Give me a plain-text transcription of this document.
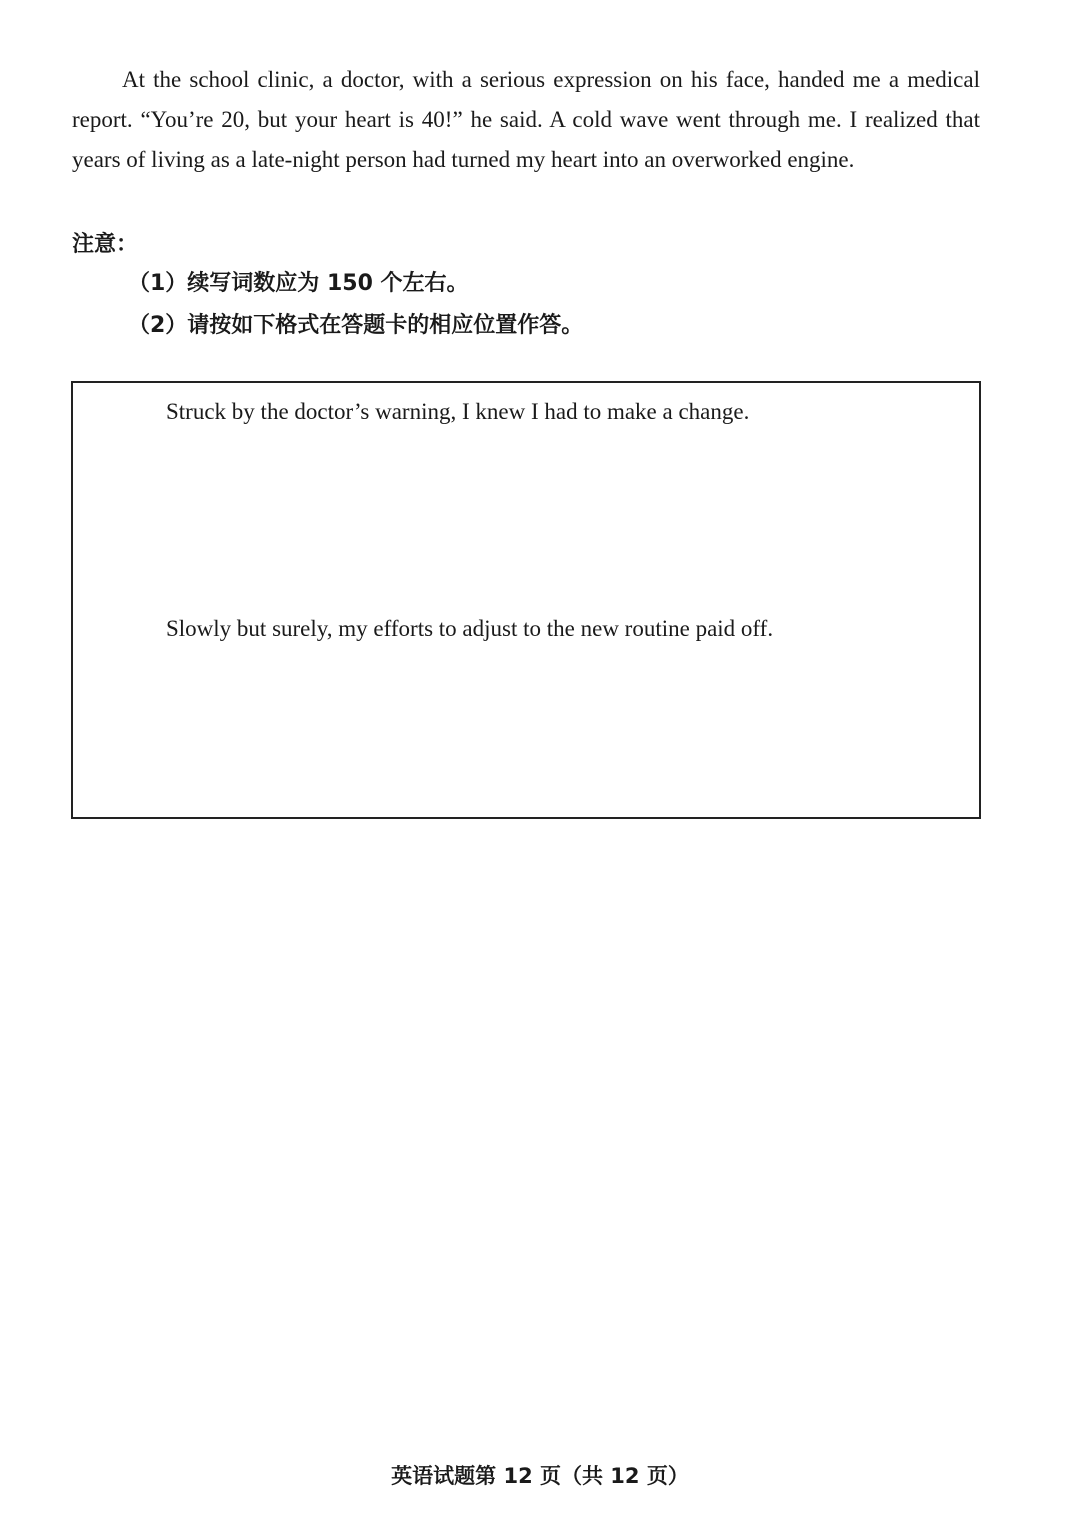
At the school clinic, a doctor, with a serious expression on his face, handed me a medical report. “You’re 20, but your heart is 40!” he said. A cold wave went through me. I realized that years of living as a late-night person had turned my heart into an overworked engine.

注意：

（1）续写词数应为 150 个左右。
（2）请按如下格式在答题卡的相应位置作答。

Struck by the doctor’s warning, I knew I had to make a change.

Slowly but surely, my efforts to adjust to the new routine paid off.

英语试题第 12 页（共 12 页）
